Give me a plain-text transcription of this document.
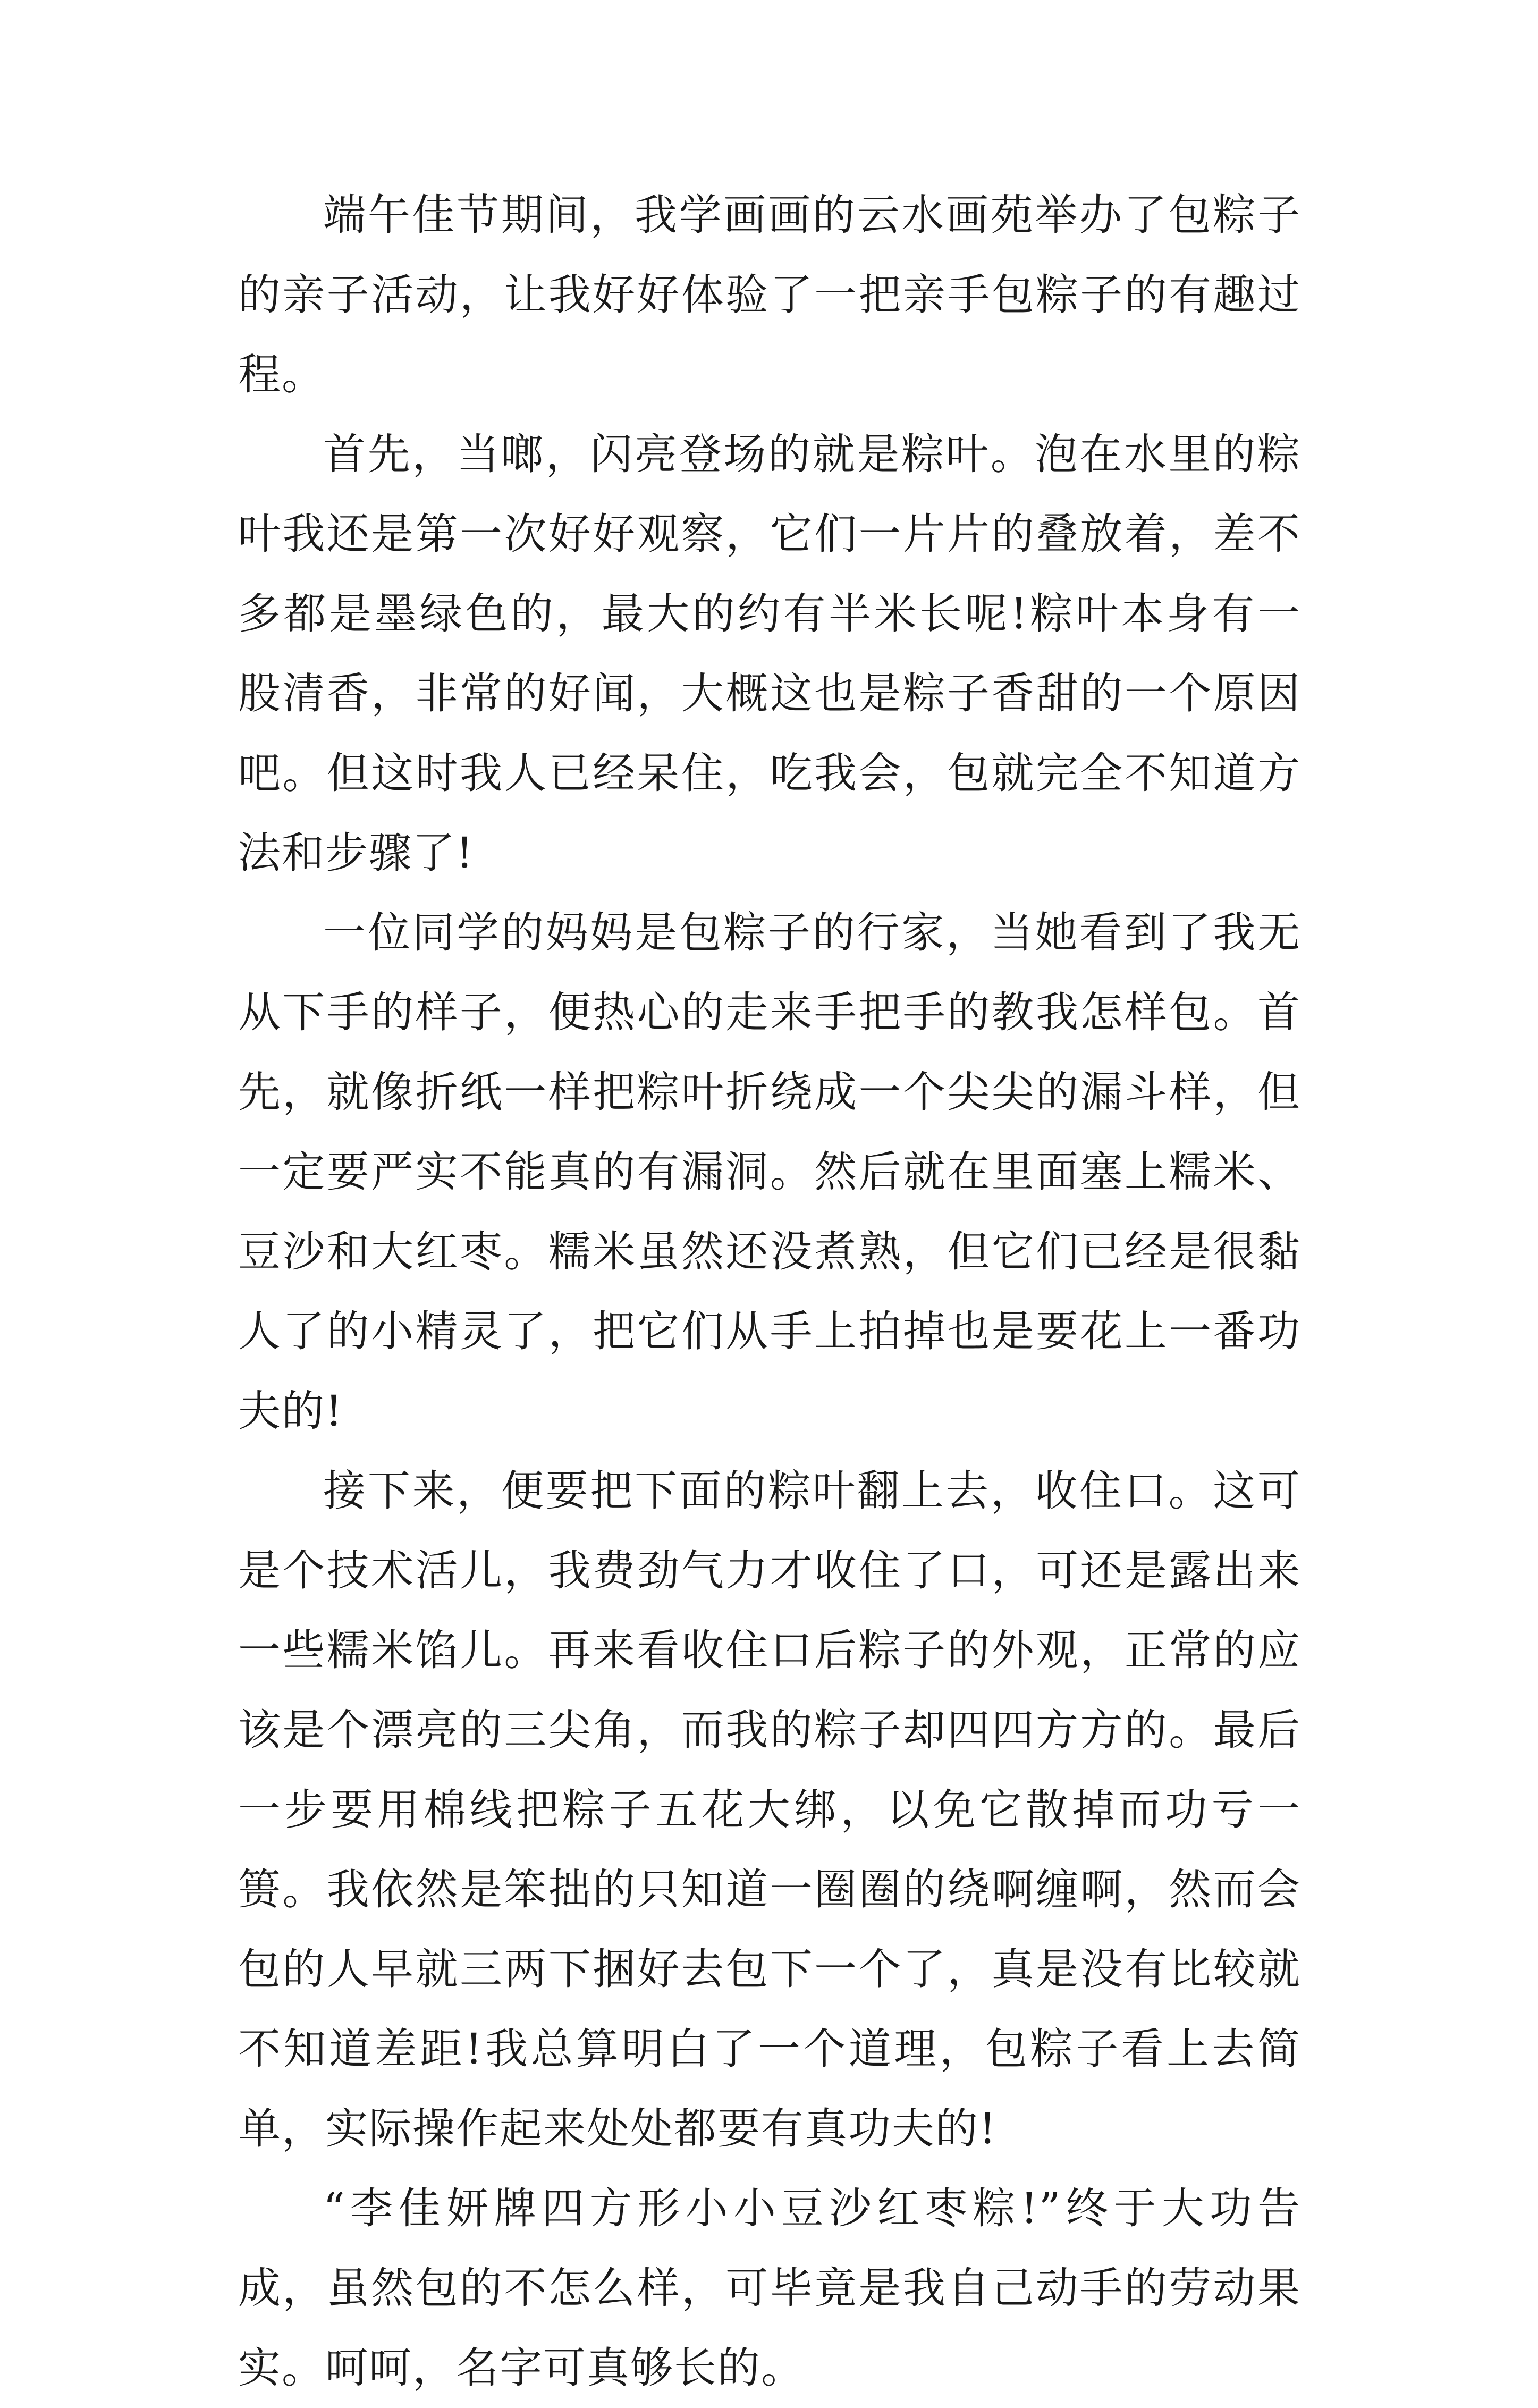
端午佳节期间，我学画画的云水画苑举办了包粽子的亲子活动，让我好好体验了一把亲手包粽子的有趣过程。

首先，当啷，闪亮登场的就是粽叶。泡在水里的粽叶我还是第一次好好观察，它们一片片的叠放着，差不多都是墨绿色的，最大的约有半米长呢!粽叶本身有一股清香，非常的好闻，大概这也是粽子香甜的一个原因吧。但这时我人已经呆住，吃我会，包就完全不知道方法和步骤了!

一位同学的妈妈是包粽子的行家，当她看到了我无从下手的样子，便热心的走来手把手的教我怎样包。首先，就像折纸一样把粽叶折绕成一个尖尖的漏斗样，但一定要严实不能真的有漏洞。然后就在里面塞上糯米、豆沙和大红枣。糯米虽然还没煮熟，但它们已经是很黏人了的小精灵了，把它们从手上拍掉也是要花上一番功夫的!

接下来，便要把下面的粽叶翻上去，收住口。这可是个技术活儿，我费劲气力才收住了口，可还是露出来一些糯米馅儿。再来看收住口后粽子的外观，正常的应该是个漂亮的三尖角，而我的粽子却四四方方的。最后一步要用棉线把粽子五花大绑，以免它散掉而功亏一篑。我依然是笨拙的只知道一圈圈的绕啊缠啊，然而会包的人早就三两下捆好去包下一个了，真是没有比较就不知道差距!我总算明白了一个道理，包粽子看上去简单，实际操作起来处处都要有真功夫的!

“李佳妍牌四方形小小豆沙红枣粽!”终于大功告成，虽然包的不怎么样，可毕竟是我自己动手的劳动果实。呵呵，名字可真够长的。
